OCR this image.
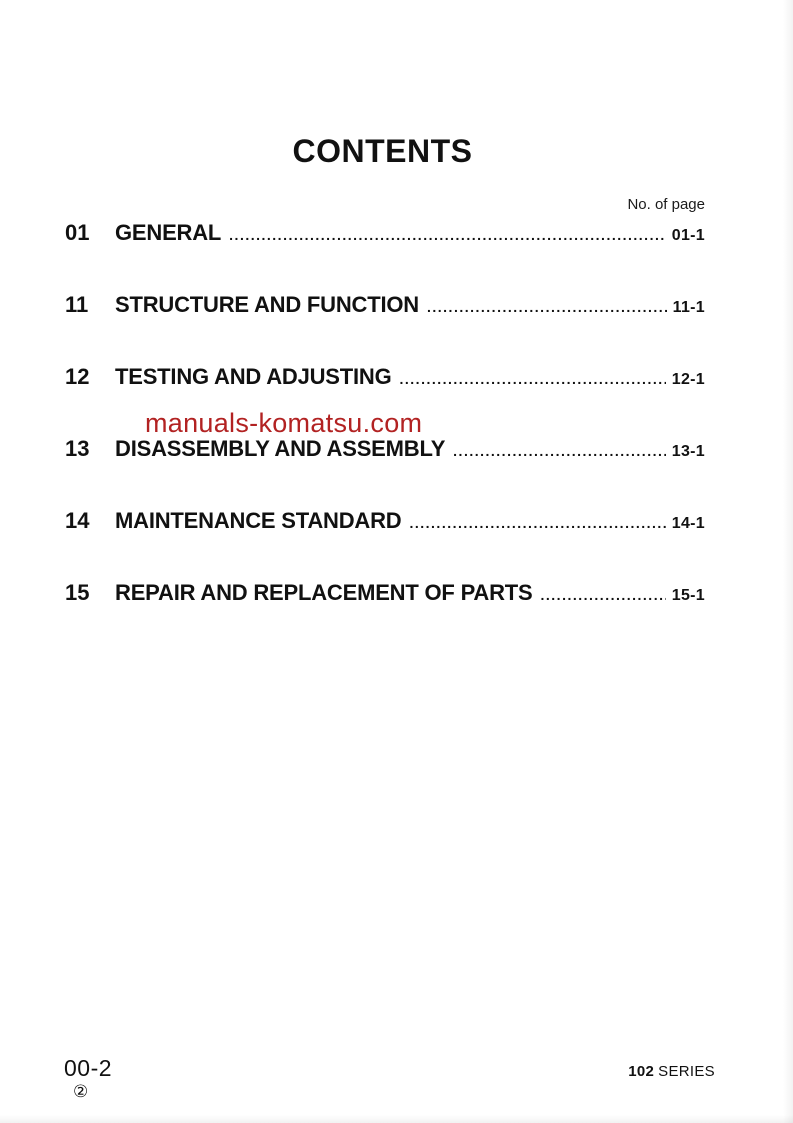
CONTENTS
No. of page
01	GENERAL .....	01-1
11	STRUCTURE AND FUNCTION .....	11-1
12	TESTING AND ADJUSTING .....	12-1
13	DISASSEMBLY AND ASSEMBLY .....	13-1
14	MAINTENANCE STANDARD .....	14-1
15	REPAIR AND REPLACEMENT OF PARTS .....	15-1
manuals-komatsu.com
00-2
②
102 SERIES
